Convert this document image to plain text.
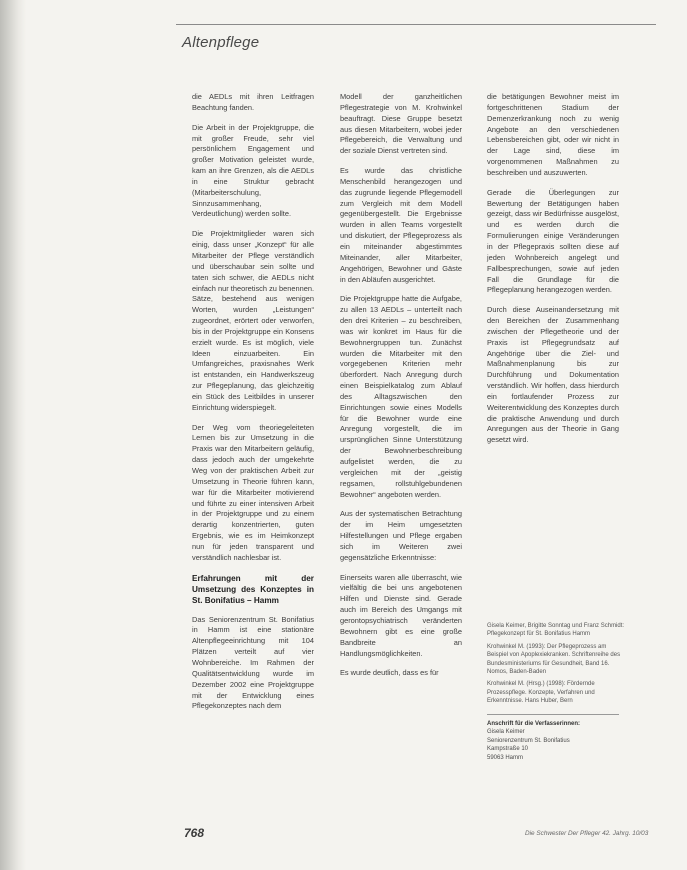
Altenpflege

die AEDLs mit ihren Leitfragen Beachtung fanden.

Die Arbeit in der Projektgruppe, die mit großer Freude, sehr viel persönlichem Engagement und großer Motivation geleistet wurde, kam an ihre Grenzen, als die AEDLs in eine Struktur gebracht (Mitarbeiterschulung, Sinnzusammenhang, Verdeutlichung) werden sollte.

Die Projektmitglieder waren sich einig, dass unser „Konzept“ für alle Mitarbeiter der Pflege verständlich und überschaubar sein sollte und taten sich schwer, die AEDLs nicht einfach nur theoretisch zu benennen. Sätze, bestehend aus wenigen Worten, wurden „Leistungen“ zugeordnet, erörtert oder verworfen, bis in der Projektgruppe ein Konsens erzielt wurde. Es ist möglich, viele Ideen einzuarbeiten. Ein Umfangreiches, praxisnahes Werk ist entstanden, ein Handwerkszeug zur Pflegeplanung, das gleichzeitig ein Stück des Leitbildes in unserer Einrichtung widerspiegelt.

Der Weg vom theoriegeleiteten Lernen bis zur Umsetzung in die Praxis war den Mitarbeitern geläufig, dass jedoch auch der umgekehrte Weg von der praktischen Arbeit zur Umsetzung in Theorie führen kann, war für die Mitarbeiter motivierend und führte zu einer intensiven Arbeit in der Projektgruppe und zu einem derartig konzentrierten, guten Ergebnis, wie es im Heimkonzept nun für jeden transparent und verständlich nachlesbar ist.

Erfahrungen mit der Umsetzung des Konzeptes in St. Bonifatius – Hamm

Das Seniorenzentrum St. Bonifatius in Hamm ist eine stationäre Altenpflegeeinrichtung mit 104 Plätzen verteilt auf vier Wohnbereiche. Im Rahmen der Qualitätsentwicklung wurde im Dezember 2002 eine Projektgruppe mit der Entwicklung eines Pflegekonzeptes nach dem

Modell der ganzheitlichen Pflegestrategie von M. Krohwinkel beauftragt. Diese Gruppe besetzt aus diesen Mitarbeitern, wobei jeder Pflegebereich, die Verwaltung und der soziale Dienst vertreten sind.

Es wurde das christliche Menschenbild herangezogen und das zugrunde liegende Pflegemodell zum Vergleich mit dem Modell gegenübergestellt. Die Ergebnisse wurden in allen Teams vorgestellt und diskutiert, der Pflegeprozess als ein miteinander abgestimmtes Miteinander, aller Mitarbeiter, Angehörigen, Bewohner und Gäste in den Abläufen ausgerichtet.

Die Projektgruppe hatte die Aufgabe, zu allen 13 AEDLs – unterteilt nach den drei Kriterien – zu beschreiben, was wir konkret im Haus für die Bewohnergruppen tun. Zunächst wurden die Mitarbeiter mit den vorgegebenen Kriterien mehr überfordert. Nach Anregung durch einen Beispielkatalog zum Ablauf des Alltagszwischen den Einrichtungen sowie eines Modells für die Bewohner wurde eine Anregung vorgestellt, die im ursprünglichen Sinne Unterstützung der Bewohnerbeschreibung aufgelistet werden, die zu vergleichen mit der „geistig regsamen, rollstuhlgebundenen Bewohner“ angeboten werden.

Aus der systematischen Betrachtung der im Heim umgesetzten Hilfestellungen und Pflege ergaben sich im Weiteren zwei gegensätzliche Erkenntnisse:

Einerseits waren alle überrascht, wie vielfältig die bei uns angebotenen Hilfen und Dienste sind. Gerade auch im Bereich des Umgangs mit gerontopsychiatrisch veränderten Bewohnern gibt es eine große Bandbreite an Handlungsmöglichkeiten.

Es wurde deutlich, dass es für

die betätigungen Bewohner meist im fortgeschrittenen Stadium der Demenzerkrankung noch zu wenig Angebote an den verschiedenen Lebensbereichen gibt, oder wir nicht in der Lage sind, diese im vorgenommenen Maßnahmen zu beschreiben und auszuwerten.

Gerade die Überlegungen zur Bewertung der Betätigungen haben gezeigt, dass wir Bedürfnisse ausgelöst, und es werden durch die Formulierungen einige Veränderungen in der Pflegepraxis sollten diese auf jeden Wohnbereich angelegt und Fallbesprechungen, sowie auf jeden Fall die Grundlage für die Pflegeplanung herangezogen werden.

Durch diese Auseinandersetzung mit den Bereichen der Zusammenhang zwischen der Pflegetheorie und der Praxis ist Pflegegrundsatz auf Angehörige über die Ziel- und Maßnahmenplanung bis zur Durchführung und Dokumentation verständlich. Wir hoffen, dass hierdurch ein fortlaufender Prozess zur Weiterentwicklung des Konzeptes durch die praktische Anwendung und durch Anregungen aus der Theorie in Gang gesetzt wird.

Gisela Keimer, Brigitte Sonntag und Franz Schmidt: Pflegekonzept für St. Bonifatius Hamm

Krohwinkel M. (1993): Der Pflegeprozess am Beispiel von Apoplexiekranken. Schriftenreihe des Bundesministeriums für Gesundheit, Band 16. Nomos, Baden-Baden

Krohwinkel M. (Hrsg.) (1998): Fördernde Prozesspflege. Konzepte, Verfahren und Erkenntnisse. Hans Huber, Bern

Anschrift für die Verfasserinnen:
Gisela Keimer
Seniorenzentrum St. Bonifatius
Kampstraße 10
59063 Hamm
768	Die Schwester Der Pfleger 42. Jahrg. 10/03
